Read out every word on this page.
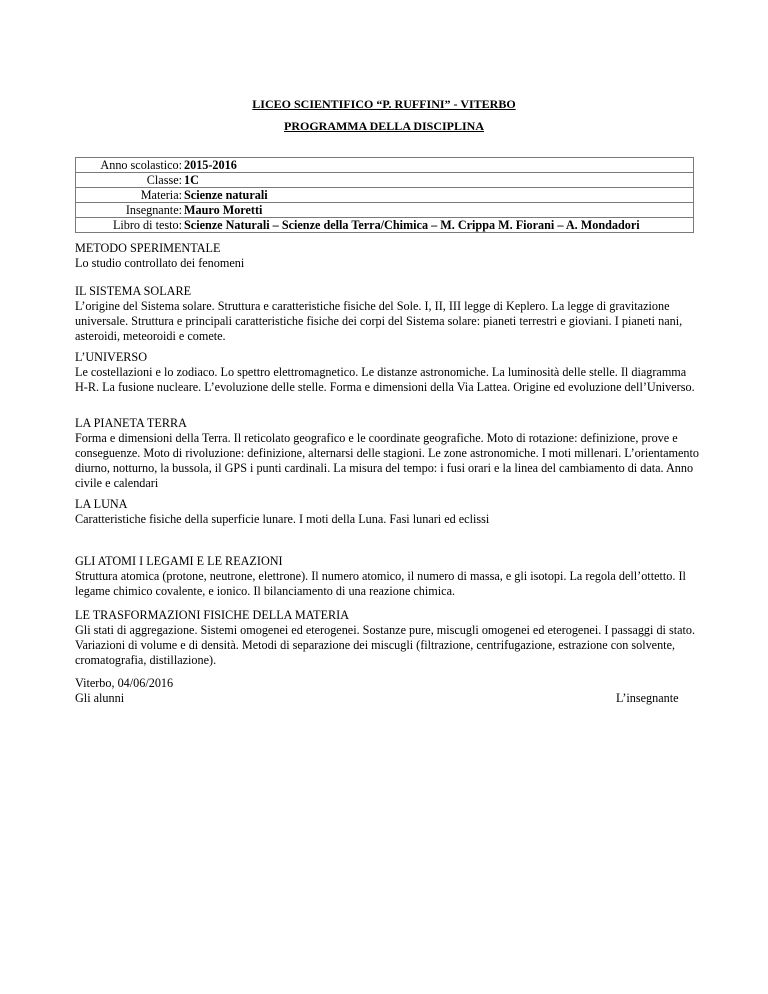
LICEO SCIENTIFICO “P. RUFFINI” - VITERBO
PROGRAMMA DELLA DISCIPLINA
Anno scolastico:	2015-2016
Classe:	1C
Materia:	Scienze naturali
Insegnante:	Mauro Moretti
Libro di testo:	Scienze Naturali – Scienze della Terra/Chimica – M. Crippa M. Fiorani – A. Mondadori
METODO SPERIMENTALE
Lo studio controllato dei fenomeni
IL SISTEMA SOLARE
L’origine del Sistema solare. Struttura e caratteristiche fisiche del Sole. I, II, III legge di Keplero. La legge di gravitazione universale. Struttura e principali caratteristiche fisiche dei corpi del Sistema solare: pianeti terrestri e gioviani. I pianeti nani, asteroidi, meteoroidi e comete.
L’UNIVERSO
Le costellazioni e lo zodiaco. Lo spettro elettromagnetico. Le distanze astronomiche. La luminosità delle stelle. Il diagramma H-R. La fusione nucleare. L’evoluzione delle stelle. Forma e dimensioni della Via Lattea. Origine ed evoluzione dell’Universo.
LA PIANETA TERRA
Forma e dimensioni della Terra. Il reticolato geografico e le coordinate geografiche. Moto di rotazione: definizione, prove e conseguenze. Moto di rivoluzione: definizione, alternarsi delle stagioni. Le zone astronomiche. I moti millenari. L’orientamento diurno, notturno, la bussola, il GPS i punti cardinali. La misura del tempo: i fusi orari e la linea del cambiamento di data. Anno civile e calendari
LA LUNA
Caratteristiche fisiche della superficie lunare. I moti della Luna. Fasi lunari ed eclissi
GLI ATOMI I LEGAMI E LE REAZIONI
Struttura atomica (protone, neutrone, elettrone). Il numero atomico, il numero di massa, e gli isotopi. La regola dell’ottetto. Il legame chimico covalente, e ionico. Il bilanciamento di una reazione chimica.
LE TRASFORMAZIONI FISICHE DELLA MATERIA
Gli stati di aggregazione. Sistemi omogenei ed eterogenei. Sostanze pure, miscugli omogenei ed eterogenei. I passaggi di stato. Variazioni di volume e di densità. Metodi di separazione dei miscugli (filtrazione, centrifugazione, estrazione con solvente, cromatografia, distillazione).
Viterbo, 04/06/2016
Gli alunni	L’insegnante
